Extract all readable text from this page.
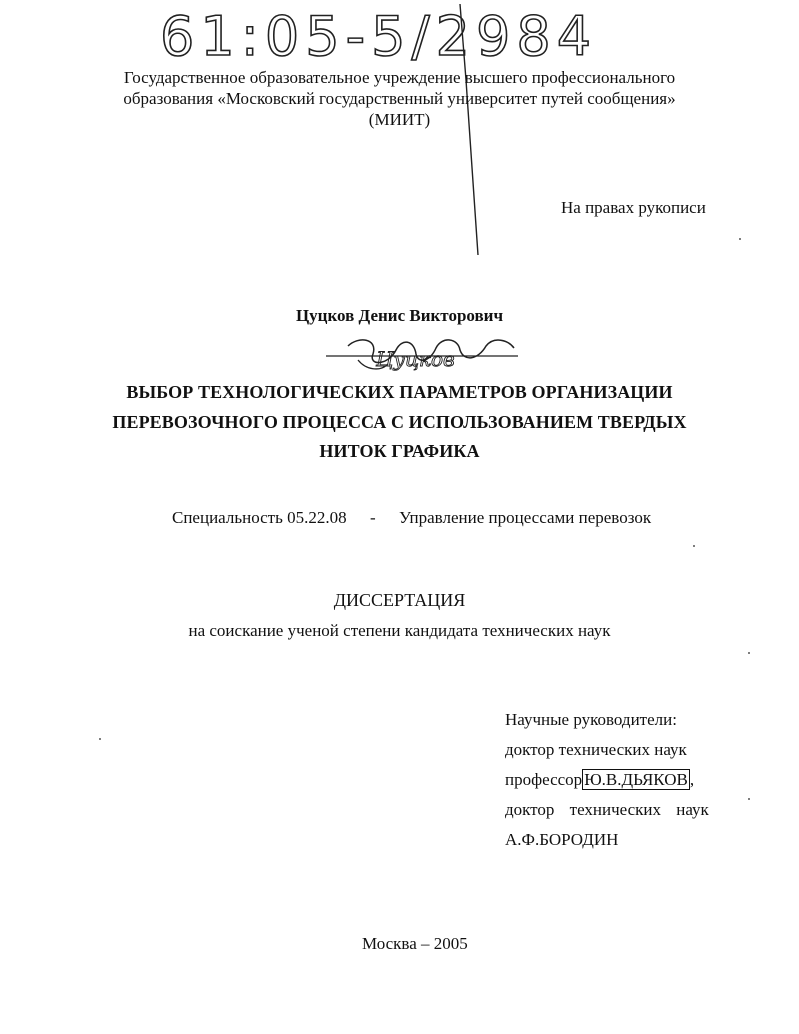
61:05-5/2984
Государственное образовательное учреждение высшего профессионального
образования «Московский государственный университет путей сообщения»
(МИИТ)
На правах рукописи
Цуцков Денис Викторович
Цуцков
ВЫБОР ТЕХНОЛОГИЧЕСКИХ ПАРАМЕТРОВ ОРГАНИЗАЦИИ
ПЕРЕВОЗОЧНОГО ПРОЦЕССА С ИСПОЛЬЗОВАНИЕМ ТВЕРДЫХ
НИТОК ГРАФИКА
Специальность 05.22.08 - Управление процессами перевозок
ДИССЕРТАЦИЯ
на соискание ученой степени кандидата технических наук
Научные руководители:
доктор технических наук
профессор Ю.В.ДЬЯКОВ ,
доктор технических наук
А.Ф.БОРОДИН
Москва – 2005
